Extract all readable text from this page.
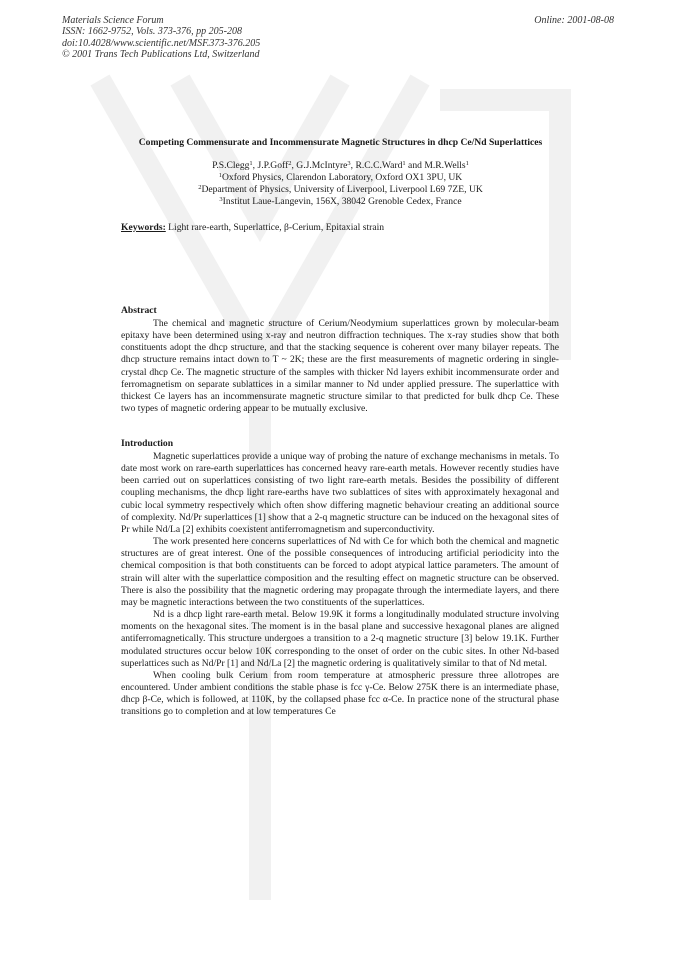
Materials Science Forum
ISSN: 1662-9752, Vols. 373-376, pp 205-208
doi:10.4028/www.scientific.net/MSF.373-376.205
© 2001 Trans Tech Publications Ltd, Switzerland
Online: 2001-08-08
Competing Commensurate and Incommensurate Magnetic Structures in dhcp Ce/Nd Superlattices
P.S.Clegg$^1$, J.P.Goff$^2$, G.J.McIntyre$^3$, R.C.C.Ward$^1$ and M.R.Wells$^1$
$^1$Oxford Physics, Clarendon Laboratory, Oxford OX1 3PU, UK
$^2$Department of Physics, University of Liverpool, Liverpool L69 7ZE, UK
$^3$Institut Laue-Langevin, 156X, 38042 Grenoble Cedex, France
Keywords: Light rare-earth, Superlattice, β-Cerium, Epitaxial strain
Abstract

The chemical and magnetic structure of Cerium/Neodymium superlattices grown by molecular-beam epitaxy have been determined using x-ray and neutron diffraction techniques. The x-ray studies show that both constituents adopt the dhcp structure, and that the stacking sequence is coherent over many bilayer repeats. The dhcp structure remains intact down to T ~ 2K; these are the first measurements of magnetic ordering in single-crystal dhcp Ce. The magnetic structure of the samples with thicker Nd layers exhibit incommensurate order and ferromagnetism on separate sublattices in a similar manner to Nd under applied pressure. The superlattice with thickest Ce layers has an incommensurate magnetic structure similar to that predicted for bulk dhcp Ce. These two types of magnetic ordering appear to be mutually exclusive.

Introduction

Magnetic superlattices provide a unique way of probing the nature of exchange mechanisms in metals. To date most work on rare-earth superlattices has concerned heavy rare-earth metals. However recently studies have been carried out on superlattices consisting of two light rare-earth metals. Besides the possibility of different coupling mechanisms, the dhcp light rare-earths have two sublattices of sites with approximately hexagonal and cubic local symmetry respectively which often show differing magnetic behaviour creating an additional source of complexity. Nd/Pr superlattices [1] show that a 2-q magnetic structure can be induced on the hexagonal sites of Pr while Nd/La [2] exhibits coexistent antiferromagnetism and superconductivity.

The work presented here concerns superlattices of Nd with Ce for which both the chemical and magnetic structures are of great interest. One of the possible consequences of introducing artificial periodicity into the chemical composition is that both constituents can be forced to adopt atypical lattice parameters. The amount of strain will alter with the superlattice composition and the resulting effect on magnetic structure can be observed. There is also the possibility that the magnetic ordering may propagate through the intermediate layers, and there may be magnetic interactions between the two constituents of the superlattices.

Nd is a dhcp light rare-earth metal. Below 19.9K it forms a longitudinally modulated structure involving moments on the hexagonal sites. The moment is in the basal plane and successive hexagonal planes are aligned antiferromagnetically. This structure undergoes a transition to a 2-q magnetic structure [3] below 19.1K. Further modulated structures occur below 10K corresponding to the onset of order on the cubic sites. In other Nd-based superlattices such as Nd/Pr [1] and Nd/La [2] the magnetic ordering is qualitatively similar to that of Nd metal.

When cooling bulk Cerium from room temperature at atmospheric pressure three allotropes are encountered. Under ambient conditions the stable phase is fcc γ-Ce. Below 275K there is an intermediate phase, dhcp β-Ce, which is followed, at 110K, by the collapsed phase fcc α-Ce. In practice none of the structural phase transitions go to completion and at low temperatures Ce
